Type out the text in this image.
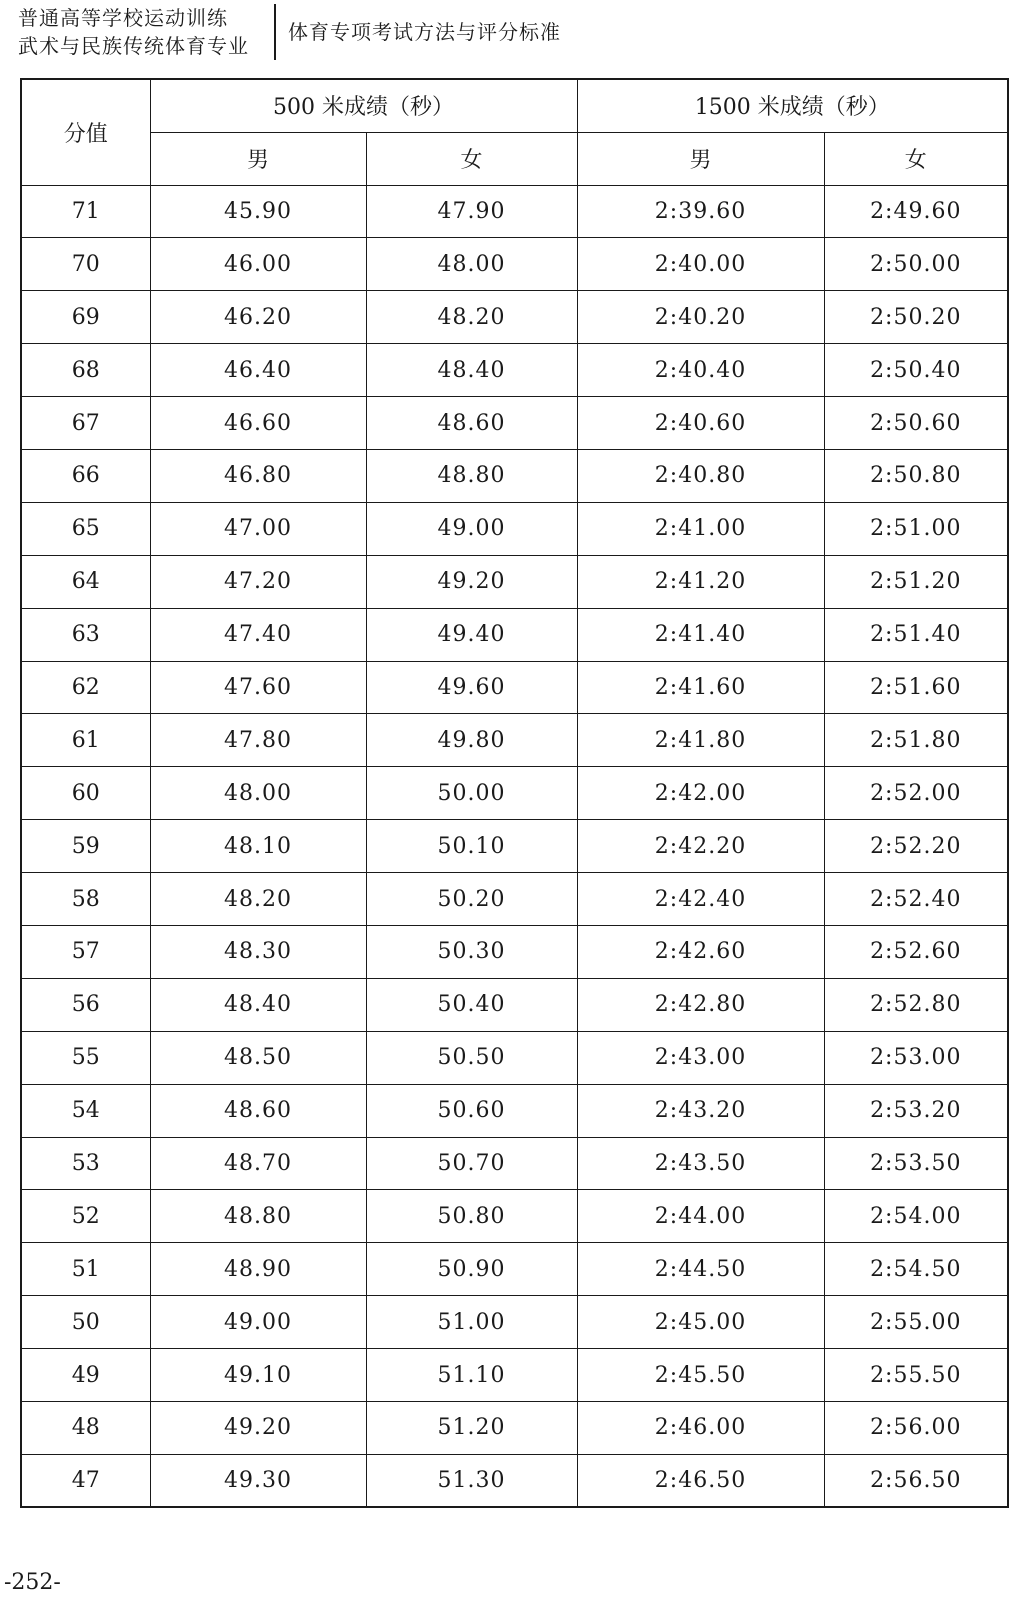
普通高等学校运动训练
武术与民族传统体育专业
体育专项考试方法与评分标准
分值	500 米成绩（秒）		1500 米成绩（秒）	
	男	女	男	女
71	45.90	47.90	2:39.60	2:49.60
70	46.00	48.00	2:40.00	2:50.00
69	46.20	48.20	2:40.20	2:50.20
68	46.40	48.40	2:40.40	2:50.40
67	46.60	48.60	2:40.60	2:50.60
66	46.80	48.80	2:40.80	2:50.80
65	47.00	49.00	2:41.00	2:51.00
64	47.20	49.20	2:41.20	2:51.20
63	47.40	49.40	2:41.40	2:51.40
62	47.60	49.60	2:41.60	2:51.60
61	47.80	49.80	2:41.80	2:51.80
60	48.00	50.00	2:42.00	2:52.00
59	48.10	50.10	2:42.20	2:52.20
58	48.20	50.20	2:42.40	2:52.40
57	48.30	50.30	2:42.60	2:52.60
56	48.40	50.40	2:42.80	2:52.80
55	48.50	50.50	2:43.00	2:53.00
54	48.60	50.60	2:43.20	2:53.20
53	48.70	50.70	2:43.50	2:53.50
52	48.80	50.80	2:44.00	2:54.00
51	48.90	50.90	2:44.50	2:54.50
50	49.00	51.00	2:45.00	2:55.00
49	49.10	51.10	2:45.50	2:55.50
48	49.20	51.20	2:46.00	2:56.00
47	49.30	51.30	2:46.50	2:56.50
-252-
